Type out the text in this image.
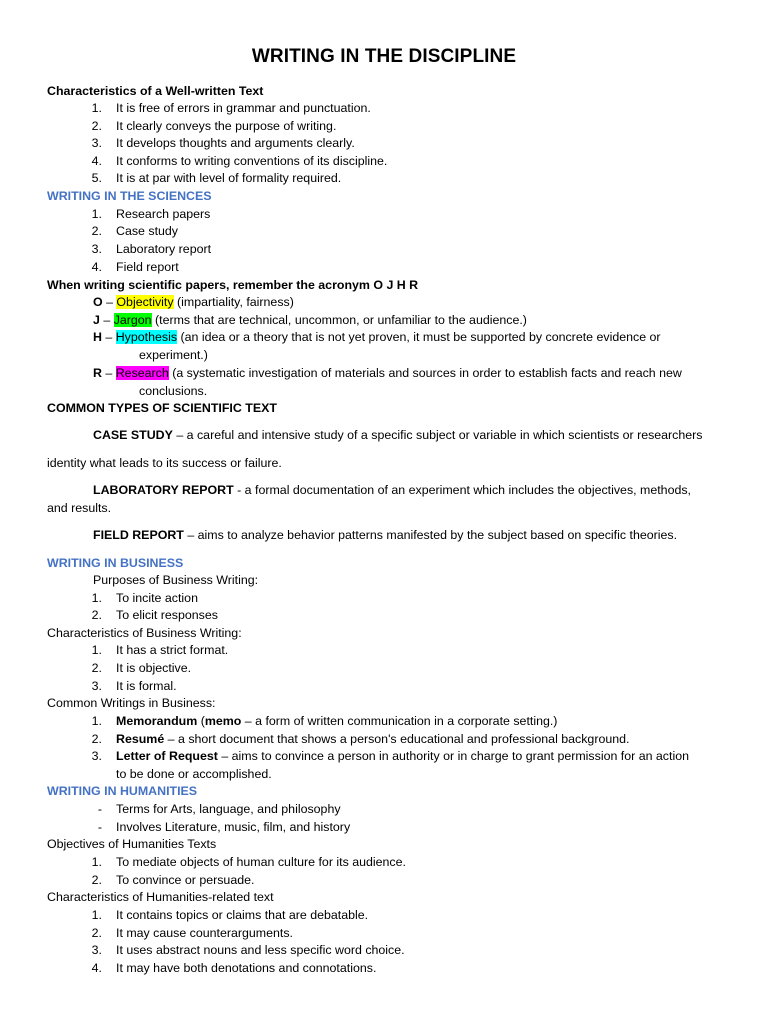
WRITING IN THE DISCIPLINE
Characteristics of a Well-written Text
1. It is free of errors in grammar and punctuation.
2. It clearly conveys the purpose of writing.
3. It develops thoughts and arguments clearly.
4. It conforms to writing conventions of its discipline.
5. It is at par with level of formality required.
WRITING IN THE SCIENCES
1. Research papers
2. Case study
3. Laboratory report
4. Field report
When writing scientific papers, remember the acronym O J H R
O – Objectivity (impartiality, fairness)
J – Jargon (terms that are technical, uncommon, or unfamiliar to the audience.)
H – Hypothesis (an idea or a theory that is not yet proven, it must be supported by concrete evidence or
experiment.)
R – Research (a systematic investigation of materials and sources in order to establish facts and reach new
conclusions.
COMMON TYPES OF SCIENTIFIC TEXT
CASE STUDY – a careful and intensive study of a specific subject or variable in which scientists or researchers
identity what leads to its success or failure.
LABORATORY REPORT - a formal documentation of an experiment which includes the objectives, methods,
and results.
FIELD REPORT – aims to analyze behavior patterns manifested by the subject based on specific theories.
WRITING IN BUSINESS
Purposes of Business Writing:
1. To incite action
2. To elicit responses
Characteristics of Business Writing:
1. It has a strict format.
2. It is objective.
3. It is formal.
Common Writings in Business:
1. Memorandum (memo – a form of written communication in a corporate setting.)
2. Resumé – a short document that shows a person's educational and professional background.
3. Letter of Request – aims to convince a person in authority or in charge to grant permission for an action
to be done or accomplished.
WRITING IN HUMANITIES
- Terms for Arts, language, and philosophy
- Involves Literature, music, film, and history
Objectives of Humanities Texts
1. To mediate objects of human culture for its audience.
2. To convince or persuade.
Characteristics of Humanities-related text
1. It contains topics or claims that are debatable.
2. It may cause counterarguments.
3. It uses abstract nouns and less specific word choice.
4. It may have both denotations and connotations.
